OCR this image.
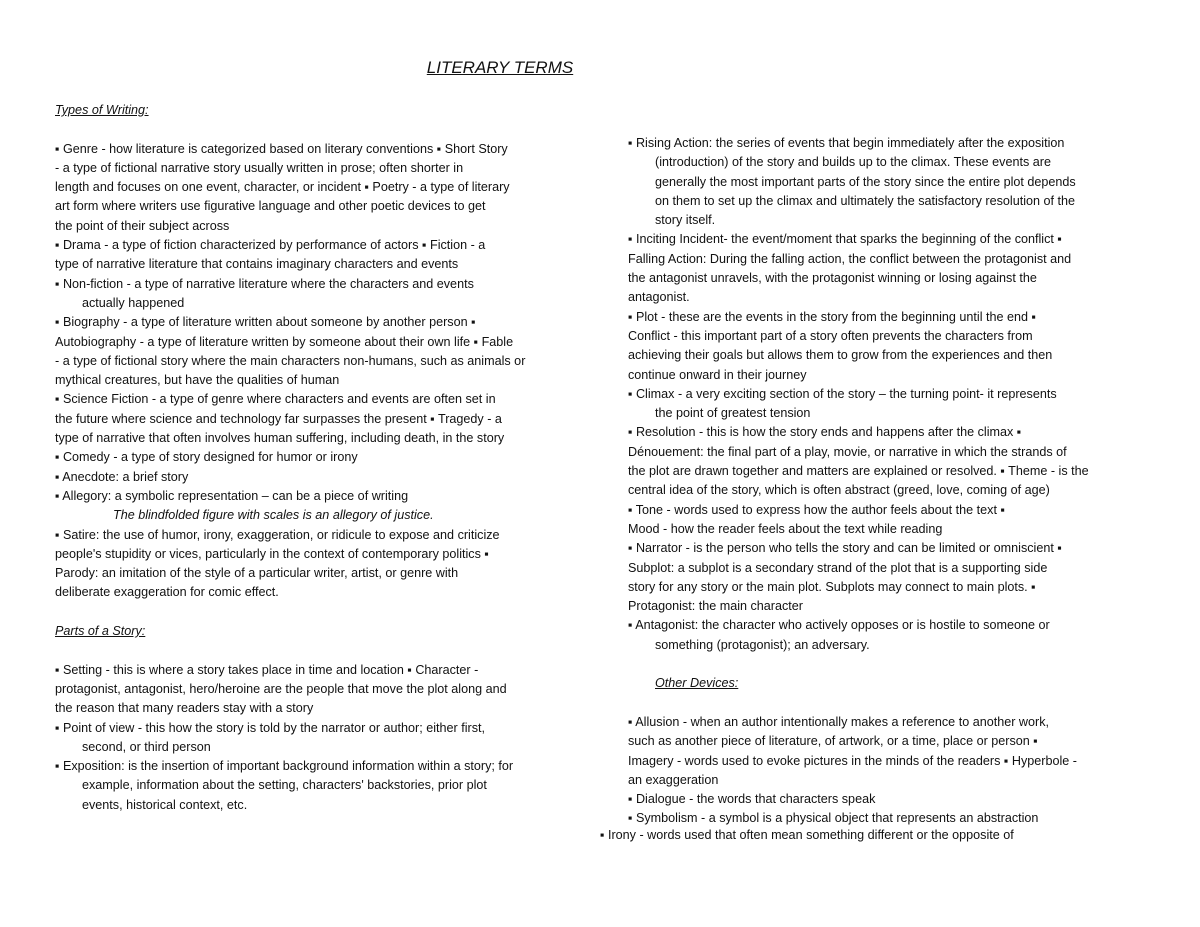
LITERARY TERMS
Types of Writing:
▪ Genre - how literature is categorized based on literary conventions ▪ Short Story
- a type of fictional narrative story usually written in prose; often shorter in
length and focuses on one event, character, or incident ▪ Poetry - a type of literary
art form where writers use figurative language and other poetic devices to get
the point of their subject across
▪ Drama - a type of fiction characterized by performance of actors ▪ Fiction - a
type of narrative literature that contains imaginary characters and events
▪ Non-fiction - a type of narrative literature where the characters and events
actually happened
▪ Biography - a type of literature written about someone by another person ▪
Autobiography - a type of literature written by someone about their own life ▪ Fable
- a type of fictional story where the main characters non-humans, such as animals or
mythical creatures, but have the qualities of human
▪ Science Fiction - a type of genre where characters and events are often set in
the future where science and technology far surpasses the present ▪ Tragedy - a
type of narrative that often involves human suffering, including death, in the story
▪ Comedy - a type of story designed for humor or irony
▪ Anecdote: a brief story
▪ Allegory: a symbolic representation – can be a piece of writing
The blindfolded figure with scales is an allegory of justice.
▪ Satire: the use of humor, irony, exaggeration, or ridicule to expose and criticize
people's stupidity or vices, particularly in the context of contemporary politics ▪
Parody: an imitation of the style of a particular writer, artist, or genre with
deliberate exaggeration for comic effect.
Parts of a Story:
▪ Setting - this is where a story takes place in time and location ▪ Character -
protagonist, antagonist, hero/heroine are the people that move the plot along and
the reason that many readers stay with a story
▪ Point of view - this how the story is told by the narrator or author; either first,
second, or third person
▪ Exposition: is the insertion of important background information within a story; for
example, information about the setting, characters' backstories, prior plot
events, historical context, etc.
▪ Rising Action: the series of events that begin immediately after the exposition
(introduction) of the story and builds up to the climax. These events are
generally the most important parts of the story since the entire plot depends
on them to set up the climax and ultimately the satisfactory resolution of the
story itself.
▪ Inciting Incident- the event/moment that sparks the beginning of the conflict ▪
Falling Action: During the falling action, the conflict between the protagonist and
the antagonist unravels, with the protagonist winning or losing against the
antagonist.
▪ Plot - these are the events in the story from the beginning until the end ▪
Conflict - this important part of a story often prevents the characters from
achieving their goals but allows them to grow from the experiences and then
continue onward in their journey
▪ Climax - a very exciting section of the story – the turning point- it represents
the point of greatest tension
▪ Resolution - this is how the story ends and happens after the climax ▪
Dénouement: the final part of a play, movie, or narrative in which the strands of
the plot are drawn together and matters are explained or resolved. ▪ Theme - is the
central idea of the story, which is often abstract (greed, love, coming of age)
▪ Tone - words used to express how the author feels about the text ▪
Mood - how the reader feels about the text while reading
▪ Narrator - is the person who tells the story and can be limited or omniscient ▪
Subplot: a subplot is a secondary strand of the plot that is a supporting side
story for any story or the main plot. Subplots may connect to main plots. ▪
Protagonist: the main character
▪ Antagonist: the character who actively opposes or is hostile to someone or
something (protagonist); an adversary.
Other Devices:
▪ Allusion - when an author intentionally makes a reference to another work,
such as another piece of literature, of artwork, or a time, place or person ▪
Imagery - words used to evoke pictures in the minds of the readers ▪ Hyperbole -
an exaggeration
▪ Dialogue - the words that characters speak
▪ Symbolism - a symbol is a physical object that represents an abstraction
▪ Irony - words used that often mean something different or the opposite of
